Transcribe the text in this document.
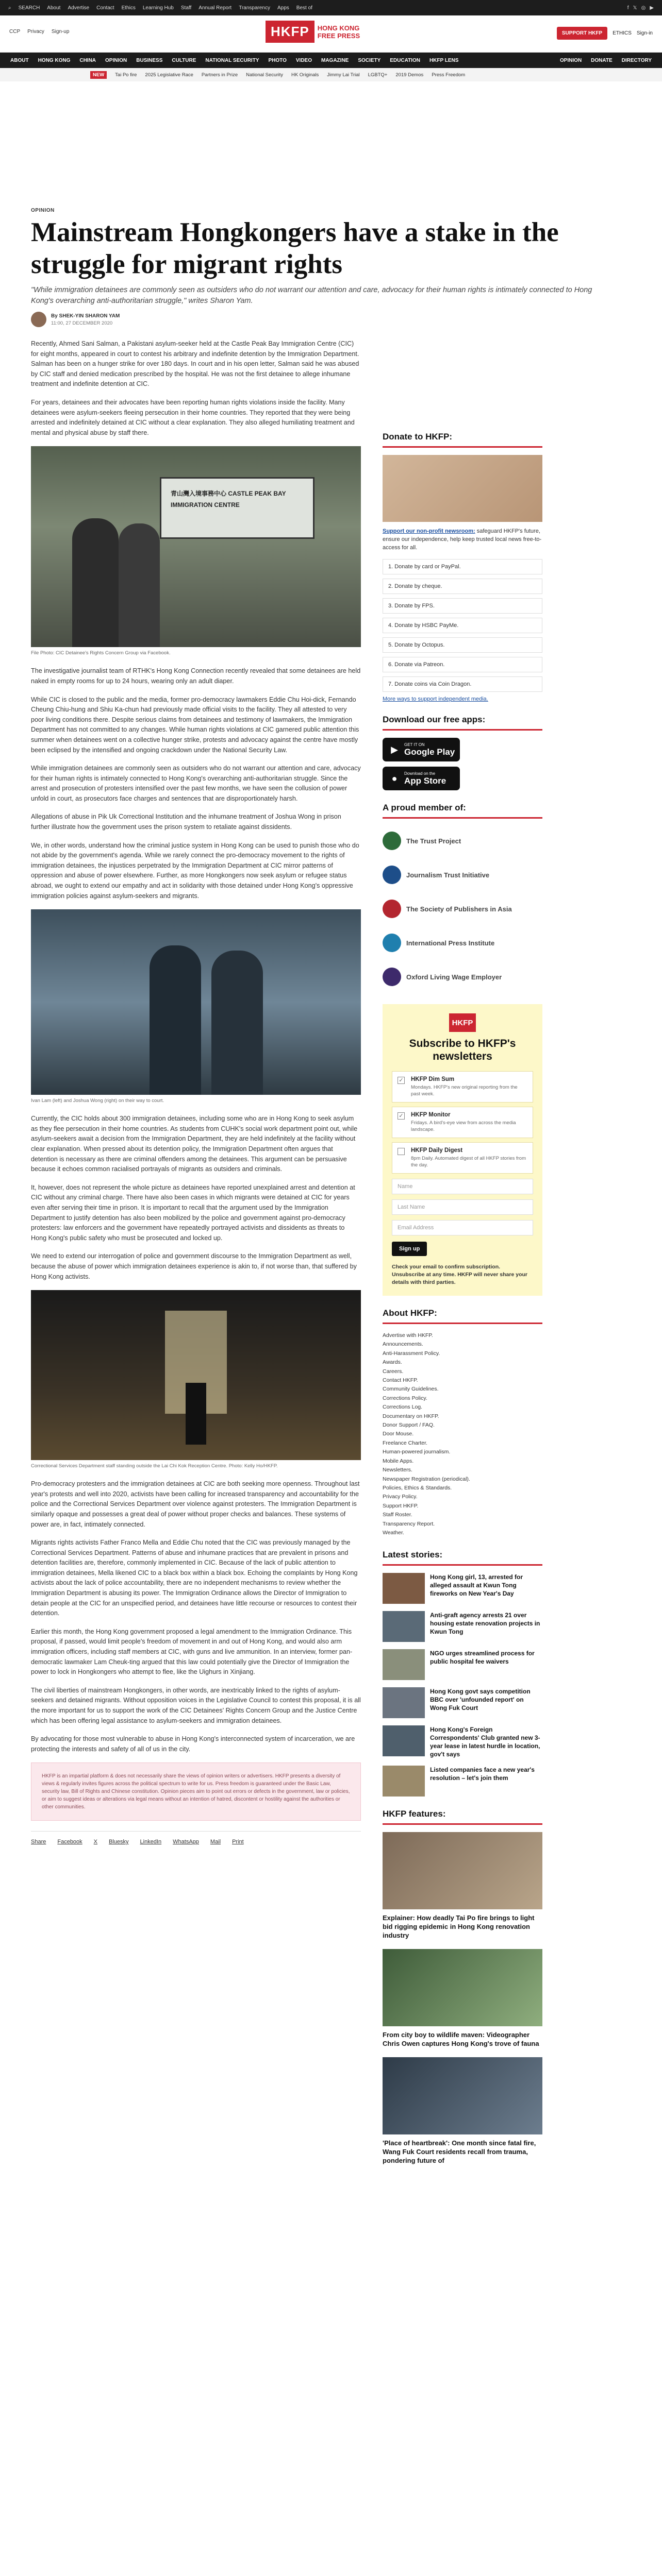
⌕ SEARCH About Advertise Contact Ethics Learning Hub Staff Annual Report Transparency Apps Best of	f 𝕏 ◎ ▶
CCP Privacy Sign-up	HKFP	HONG KONG FREE PRESS	SUPPORT HKFP	ETHICS Sign-in
ABOUT HONG KONG CHINA OPINION BUSINESS CULTURE NATIONAL SECURITY PHOTO VIDEO MAGAZINE SOCIETY EDUCATION HKFP LENS	OPINION DONATE DIRECTORY
NEW	Tai Po fire 2025 Legislative Race Partners in Prize National Security HK Originals Jimmy Lai Trial LGBTQ+ 2019 Demos Press Freedom
OPINION
Mainstream Hongkongers have a stake in the struggle for migrant rights
"While immigration detainees are commonly seen as outsiders who do not warrant our attention and care, advocacy for their human rights is intimately connected to Hong Kong's overarching anti-authoritarian struggle," writes Sharon Yam.
By SHEK-YIN SHARON YAM
11:00, 27 DECEMBER 2020

Recently, Ahmed Sani Salman, a Pakistani asylum-seeker held at the Castle Peak Bay Immigration Centre (CIC) for eight months, appeared in court to contest his arbitrary and indefinite detention by the Immigration Department. Salman has been on a hunger strike for over 180 days. In court and in his open letter, Salman said he was abused by CIC staff and denied medication prescribed by the hospital. He was not the first detainee to allege inhumane treatment and indefinite detention at CIC.

For years, detainees and their advocates have been reporting human rights violations inside the facility. Many detainees were asylum-seekers fleeing persecution in their home countries. They reported that they were being arrested and indefinitely detained at CIC without a clear explanation. They also alleged humiliating treatment and mental and physical abuse by staff there.

青山灣入境事務中心 CASTLE PEAK BAY IMMIGRATION CENTRE
File Photo: CIC Detainee's Rights Concern Group via Facebook.

The investigative journalist team of RTHK's Hong Kong Connection recently revealed that some detainees are held naked in empty rooms for up to 24 hours, wearing only an adult diaper.

While CIC is closed to the public and the media, former pro-democracy lawmakers Eddie Chu Hoi-dick, Fernando Cheung Chiu-hung and Shiu Ka-chun had previously made official visits to the facility. They all attested to very poor living conditions there. Despite serious claims from detainees and testimony of lawmakers, the Immigration Department has not committed to any changes. While human rights violations at CIC garnered public attention this summer when detainees went on a collective hunger strike, protests and advocacy against the centre have mostly been eclipsed by the intensified and ongoing crackdown under the National Security Law.

While immigration detainees are commonly seen as outsiders who do not warrant our attention and care, advocacy for their human rights is intimately connected to Hong Kong's overarching anti-authoritarian struggle. Since the arrest and prosecution of protesters intensified over the past few months, we have seen the collusion of power unfold in court, as prosecutors face charges and sentences that are disproportionately harsh.

Allegations of abuse in Pik Uk Correctional Institution and the inhumane treatment of Joshua Wong in prison further illustrate how the government uses the prison system to retaliate against dissidents.

We, in other words, understand how the criminal justice system in Hong Kong can be used to punish those who do not abide by the government's agenda. While we rarely connect the pro-democracy movement to the rights of immigration detainees, the injustices perpetrated by the Immigration Department at CIC mirror patterns of oppression and abuse of power elsewhere. Further, as more Hongkongers now seek asylum or refugee status abroad, we ought to extend our empathy and act in solidarity with those detained under Hong Kong's oppressive immigration policies against asylum-seekers and migrants.

Ivan Lam (left) and Joshua Wong (right) on their way to court.

Currently, the CIC holds about 300 immigration detainees, including some who are in Hong Kong to seek asylum as they flee persecution in their home countries. As students from CUHK's social work department point out, while asylum-seekers await a decision from the Immigration Department, they are held indefinitely at the facility without clear explanation. When pressed about its detention policy, the Immigration Department often argues that detention is necessary as there are criminal offenders among the detainees. This argument can be persuasive because it echoes common racialised portrayals of migrants as outsiders and criminals.

It, however, does not represent the whole picture as detainees have reported unexplained arrest and detention at CIC without any criminal charge. There have also been cases in which migrants were detained at CIC for years even after serving their time in prison. It is important to recall that the argument used by the Immigration Department to justify detention has also been mobilized by the police and government against pro-democracy protesters: law enforcers and the government have repeatedly portrayed activists and dissidents as threats to Hong Kong's public safety who must be prosecuted and locked up.

We need to extend our interrogation of police and government discourse to the Immigration Department as well, because the abuse of power which immigration detainees experience is akin to, if not worse than, that suffered by Hong Kong activists.

Correctional Services Department staff standing outside the Lai Chi Kok Reception Centre. Photo: Kelly Ho/HKFP.

Pro-democracy protesters and the immigration detainees at CIC are both seeking more openness. Throughout last year's protests and well into 2020, activists have been calling for increased transparency and accountability for the police and the Correctional Services Department over violence against protesters. The Immigration Department is similarly opaque and possesses a great deal of power without proper checks and balances. These systems of power are, in fact, intimately connected.

Migrants rights activists Father Franco Mella and Eddie Chu noted that the CIC was previously managed by the Correctional Services Department. Patterns of abuse and inhumane practices that are prevalent in prisons and detention facilities are, therefore, commonly implemented in CIC. Because of the lack of public attention to immigration detainees, Mella likened CIC to a black box within a black box. Echoing the complaints by Hong Kong activists about the lack of police accountability, there are no independent mechanisms to review whether the Immigration Department is abusing its power. The Immigration Ordinance allows the Director of Immigration to detain people at the CIC for an unspecified period, and detainees have little recourse or resources to contest their detention.

Earlier this month, the Hong Kong government proposed a legal amendment to the Immigration Ordinance. This proposal, if passed, would limit people's freedom of movement in and out of Hong Kong, and would also arm immigration officers, including staff members at CIC, with guns and live ammunition. In an interview, former pan-democratic lawmaker Lam Cheuk-ting argued that this law could potentially give the Director of Immigration the power to lock in Hongkongers who attempt to flee, like the Uighurs in Xinjiang.

The civil liberties of mainstream Hongkongers, in other words, are inextricably linked to the rights of asylum-seekers and detained migrants. Without opposition voices in the Legislative Council to contest this proposal, it is all the more important for us to support the work of the CIC Detainees' Rights Concern Group and the Justice Centre which has been offering legal assistance to asylum-seekers and immigration detainees.

By advocating for those most vulnerable to abuse in Hong Kong's interconnected system of incarceration, we are protecting the interests and safety of all of us in the city.

HKFP is an impartial platform & does not necessarily share the views of opinion writers or advertisers. HKFP presents a diversity of views & regularly invites figures across the political spectrum to write for us. Press freedom is guaranteed under the Basic Law, security law, Bill of Rights and Chinese constitution. Opinion pieces aim to point out errors or defects in the government, law or policies, or aim to suggest ideas or alterations via legal means without an intention of hatred, discontent or hostility against the authorities or other communities.
Share Facebook X Bluesky LinkedIn WhatsApp Mail Print
Donate to HKFP:
Support our non-profit newsroom: safeguard HKFP's future, ensure our independence, help keep trusted local news free-to-access for all.
1. Donate by card or PayPal.
2. Donate by cheque.
3. Donate by FPS.
4. Donate by HSBC PayMe.
5. Donate by Octopus.
6. Donate via Patreon.
7. Donate coins via Coin Dragon.
More ways to support independent media.
Download our free apps:
▶	GET IT ON
Google Play
●	Download on the
App Store
A proud member of:
The Trust Project
Journalism Trust Initiative
The Society of Publishers in Asia
International Press Institute
Oxford Living Wage Employer
HKFP
Subscribe to HKFP's newsletters
✓ HKFP Dim Sum
Mondays. HKFP's new original reporting from the past week.
✓ HKFP Monitor
Fridays. A bird's-eye view from across the media landscape.
HKFP Daily Digest
8pm Daily. Automated digest of all HKFP stories from the day.
Name
Last Name
Email Address
Sign up
Check your email to confirm subscription. Unsubscribe at any time. HKFP will never share your details with third parties.
About HKFP:
Advertise with HKFP.
Announcements.
Anti-Harassment Policy.
Awards.
Careers.
Contact HKFP.
Community Guidelines.
Corrections Policy.
Corrections Log.
Documentary on HKFP.
Donor Support / FAQ.
Door Mouse.
Freelance Charter.
Human-powered journalism.
Mobile Apps.
Newsletters.
Newspaper Registration (periodical).
Policies, Ethics & Standards.
Privacy Policy.
Support HKFP.
Staff Roster.
Transparency Report.
Weather.
Latest stories:
Hong Kong girl, 13, arrested for alleged assault at Kwun Tong fireworks on New Year's Day
Anti-graft agency arrests 21 over housing estate renovation projects in Kwun Tong
NGO urges streamlined process for public hospital fee waivers
Hong Kong govt says competition BBC over 'unfounded report' on Wong Fuk Court
Hong Kong's Foreign Correspondents' Club granted new 3-year lease in latest hurdle in location, gov't says
Listed companies face a new year's resolution – let's join them
HKFP features:
Explainer: How deadly Tai Po fire brings to light bid rigging epidemic in Hong Kong renovation industry
From city boy to wildlife maven: Videographer Chris Owen captures Hong Kong's trove of fauna
'Place of heartbreak': One month since fatal fire, Wang Fuk Court residents recall from trauma, pondering future of
